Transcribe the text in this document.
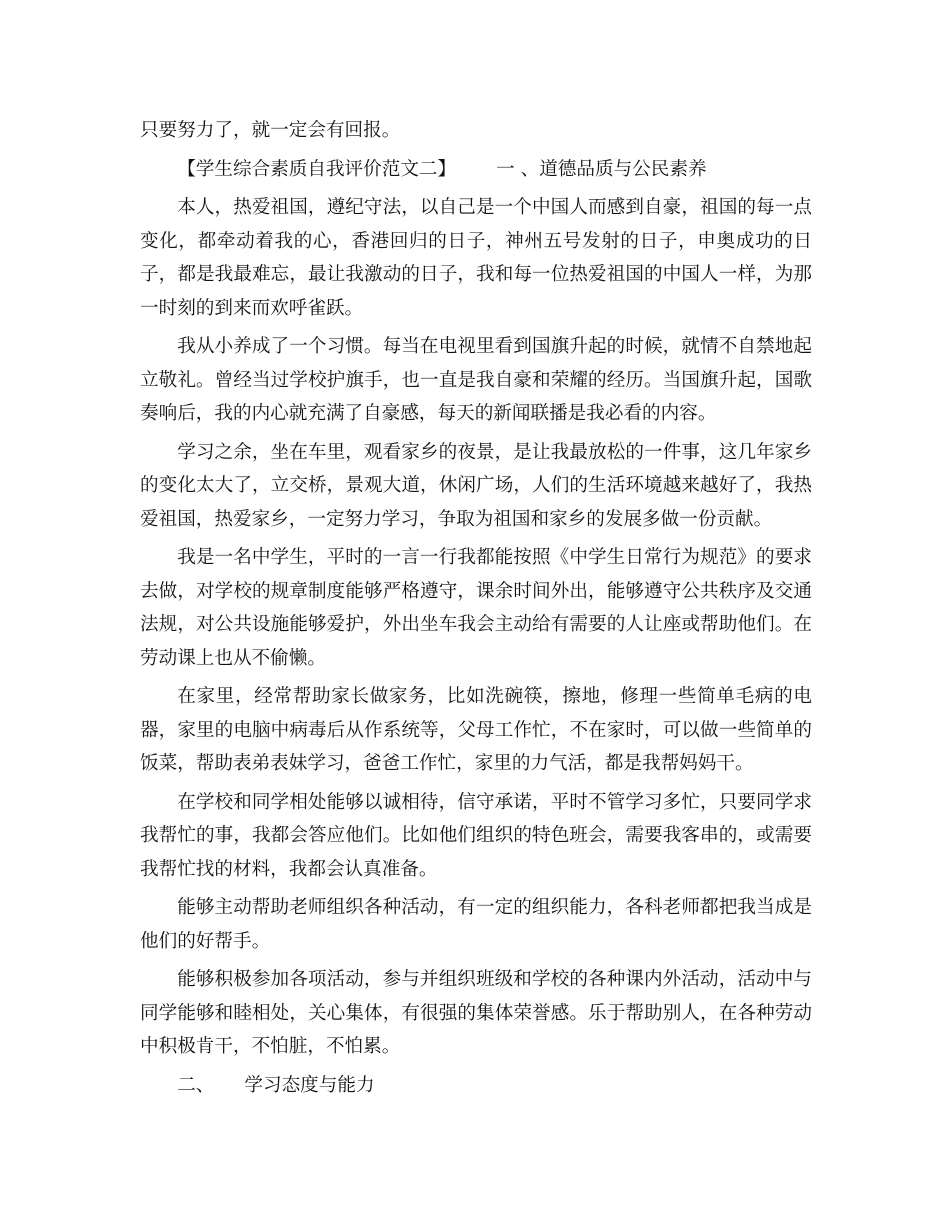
只要努力了，就一定会有回报。

【学生综合素质自我评价范文二】 一 、道德品质与公民素养

本人，热爱祖国，遵纪守法，以自己是一个中国人而感到自豪，祖国的每一点变化，都牵动着我的心，香港回归的日子，神州五号发射的日子，申奥成功的日子，都是我最难忘，最让我激动的日子，我和每一位热爱祖国的中国人一样，为那一时刻的到来而欢呼雀跃。

我从小养成了一个习惯。每当在电视里看到国旗升起的时候，就情不自禁地起立敬礼。曾经当过学校护旗手，也一直是我自豪和荣耀的经历。当国旗升起，国歌奏响后，我的内心就充满了自豪感，每天的新闻联播是我必看的内容。

学习之余，坐在车里，观看家乡的夜景，是让我最放松的一件事，这几年家乡的变化太大了，立交桥，景观大道，休闲广场，人们的生活环境越来越好了，我热爱祖国，热爱家乡，一定努力学习，争取为祖国和家乡的发展多做一份贡献。

我是一名中学生，平时的一言一行我都能按照《中学生日常行为规范》的要求去做，对学校的规章制度能够严格遵守，课余时间外出，能够遵守公共秩序及交通法规，对公共设施能够爱护，外出坐车我会主动给有需要的人让座或帮助他们。在劳动课上也从不偷懒。

在家里，经常帮助家长做家务，比如洗碗筷，擦地，修理一些简单毛病的电器，家里的电脑中病毒后从作系统等，父母工作忙，不在家时，可以做一些简单的饭菜，帮助表弟表妹学习，爸爸工作忙，家里的力气活，都是我帮妈妈干。

在学校和同学相处能够以诚相待，信守承诺，平时不管学习多忙，只要同学求我帮忙的事，我都会答应他们。比如他们组织的特色班会，需要我客串的，或需要我帮忙找的材料，我都会认真准备。

能够主动帮助老师组织各种活动，有一定的组织能力，各科老师都把我当成是他们的好帮手。

能够积极参加各项活动，参与并组织班级和学校的各种课内外活动，活动中与同学能够和睦相处，关心集体，有很强的集体荣誉感。乐于帮助别人，在各种劳动中积极肯干，不怕脏，不怕累。

二、 学习态度与能力
